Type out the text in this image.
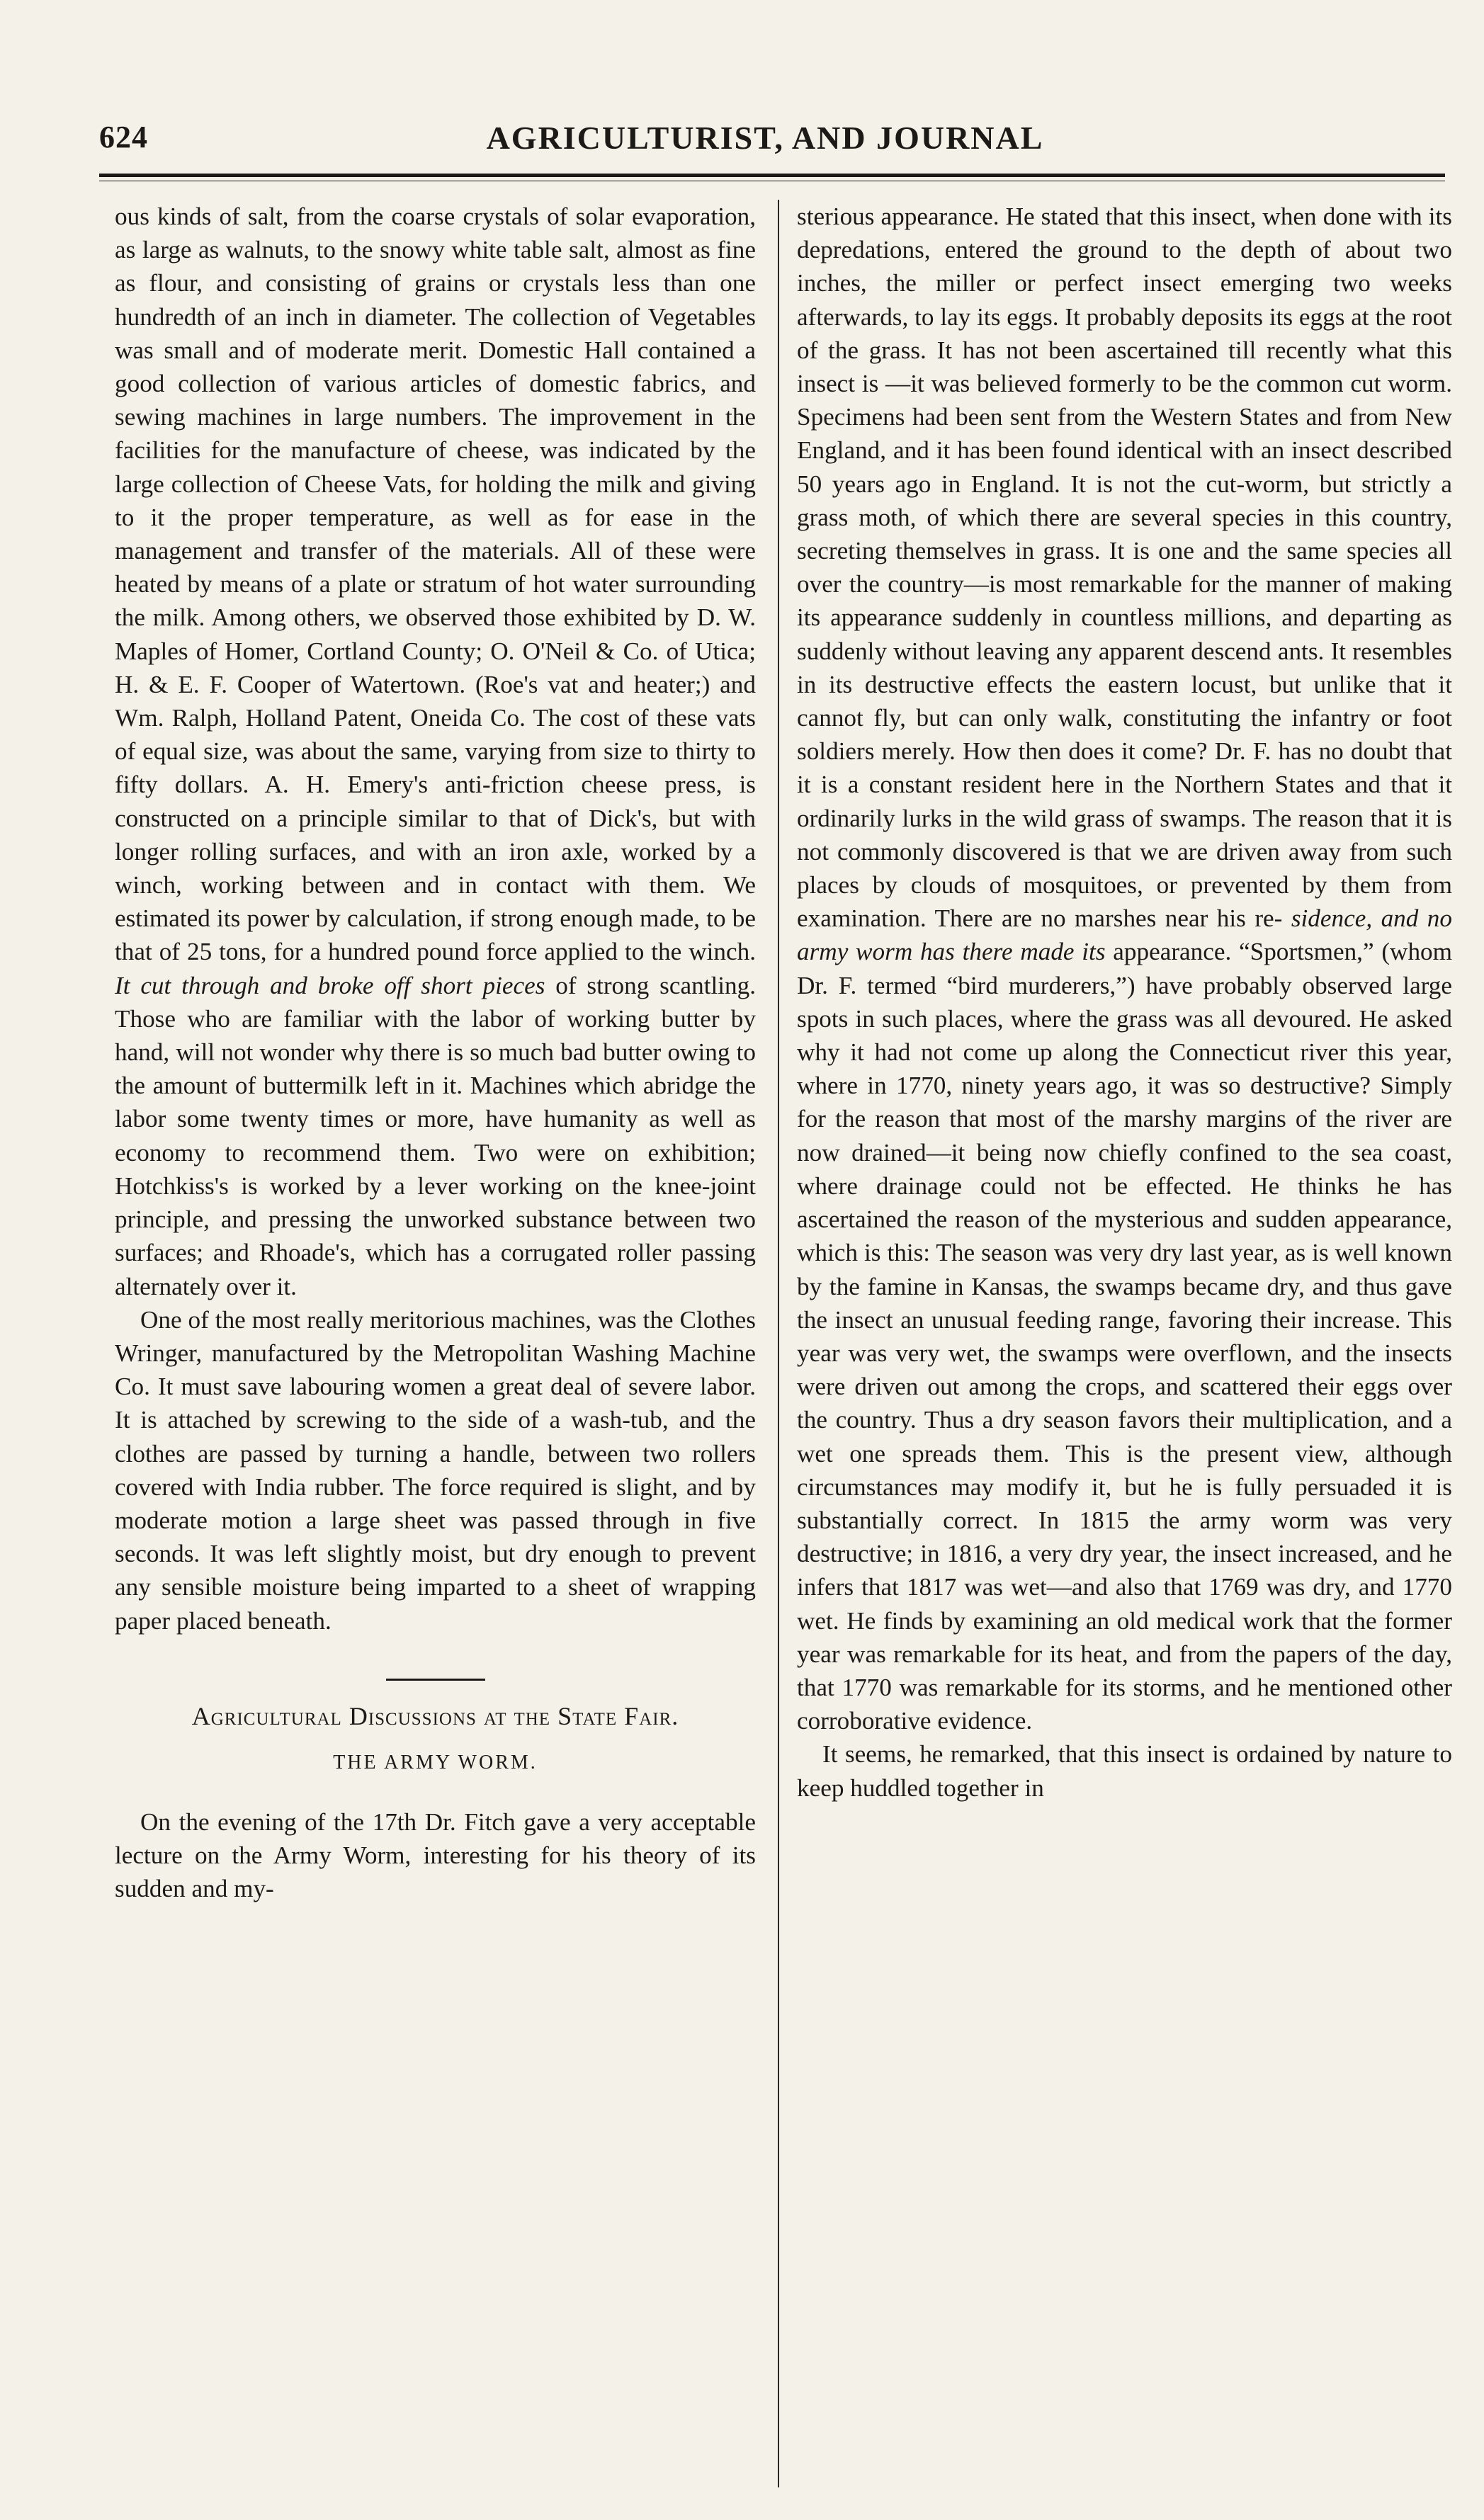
624	AGRICULTURIST, AND JOURNAL

ous kinds of salt, from the coarse crystals of solar evaporation, as large as walnuts, to the snowy white table salt, almost as fine as flour, and consisting of grains or crystals less than one hundredth of an inch in diameter. The collection of Vegetables was small and of moderate merit. Domestic Hall contained a good collection of various articles of domestic fabrics, and sewing machines in large numbers. The improvement in the facilities for the manufacture of cheese, was indicated by the large collection of Cheese Vats, for holding the milk and giving to it the proper temperature, as well as for ease in the management and transfer of the materials. All of these were heated by means of a plate or stratum of hot water surrounding the milk. Among others, we observed those exhibited by D. W. Maples of Homer, Cortland County; O. O'Neil & Co. of Utica; H. & E. F. Cooper of Watertown. (Roe's vat and heater;) and Wm. Ralph, Holland Patent, Oneida Co. The cost of these vats of equal size, was about the same, varying from size to thirty to fifty dollars. A. H. Emery's anti-friction cheese press, is constructed on a principle similar to that of Dick's, but with longer rolling surfaces, and with an iron axle, worked by a winch, working between and in contact with them. We estimated its power by calculation, if strong enough made, to be that of 25 tons, for a hundred pound force applied to the winch. It cut through and broke off short pieces of strong scantling. Those who are familiar with the labor of working butter by hand, will not wonder why there is so much bad butter owing to the amount of buttermilk left in it. Machines which abridge the labor some twenty times or more, have humanity as well as economy to recommend them. Two were on exhibition; Hotchkiss's is worked by a lever working on the knee-joint principle, and pressing the unworked substance between two surfaces; and Rhoade's, which has a corrugated roller passing alternately over it.

One of the most really meritorious machines, was the Clothes Wringer, manufactured by the Metropolitan Washing Machine Co. It must save labouring women a great deal of severe labor. It is attached by screwing to the side of a wash-tub, and the clothes are passed by turning a handle, between two rollers covered with India rubber. The force required is slight, and by moderate motion a large sheet was passed through in five seconds. It was left slightly moist, but dry enough to prevent any sensible moisture being imparted to a sheet of wrapping paper placed beneath.

Agricultural Discussions at the State Fair.
THE ARMY WORM.

On the evening of the 17th Dr. Fitch gave a very acceptable lecture on the Army Worm, interesting for his theory of its sudden and my-

sterious appearance. He stated that this insect, when done with its depredations, entered the ground to the depth of about two inches, the miller or perfect insect emerging two weeks afterwards, to lay its eggs. It probably deposits its eggs at the root of the grass. It has not been ascertained till recently what this insect is —it was believed formerly to be the common cut worm. Specimens had been sent from the Western States and from New England, and it has been found identical with an insect described 50 years ago in England. It is not the cut-worm, but strictly a grass moth, of which there are several species in this country, secreting themselves in grass. It is one and the same species all over the country—is most remarkable for the manner of making its appearance suddenly in countless millions, and departing as suddenly without leaving any apparent descend ants. It resembles in its destructive effects the eastern locust, but unlike that it cannot fly, but can only walk, constituting the infantry or foot soldiers merely. How then does it come? Dr. F. has no doubt that it is a constant resident here in the Northern States and that it ordinarily lurks in the wild grass of swamps. The reason that it is not commonly discovered is that we are driven away from such places by clouds of mosquitoes, or prevented by them from examination. There are no marshes near his re- sidence, and no army worm has there made its appearance. “Sportsmen,” (whom Dr. F. termed “bird murderers,”) have probably observed large spots in such places, where the grass was all devoured. He asked why it had not come up along the Connecticut river this year, where in 1770, ninety years ago, it was so destructive? Simply for the reason that most of the marshy margins of the river are now drained—it being now chiefly confined to the sea coast, where drainage could not be effected. He thinks he has ascertained the reason of the mysterious and sudden appearance, which is this: The season was very dry last year, as is well known by the famine in Kansas, the swamps became dry, and thus gave the insect an unusual feeding range, favoring their increase. This year was very wet, the swamps were overflown, and the insects were driven out among the crops, and scattered their eggs over the country. Thus a dry season favors their multiplication, and a wet one spreads them. This is the present view, although circumstances may modify it, but he is fully persuaded it is substantially correct. In 1815 the army worm was very destructive; in 1816, a very dry year, the insect increased, and he infers that 1817 was wet—and also that 1769 was dry, and 1770 wet. He finds by examining an old medical work that the former year was remarkable for its heat, and from the papers of the day, that 1770 was remarkable for its storms, and he mentioned other corroborative evidence.

It seems, he remarked, that this insect is ordained by nature to keep huddled together in
